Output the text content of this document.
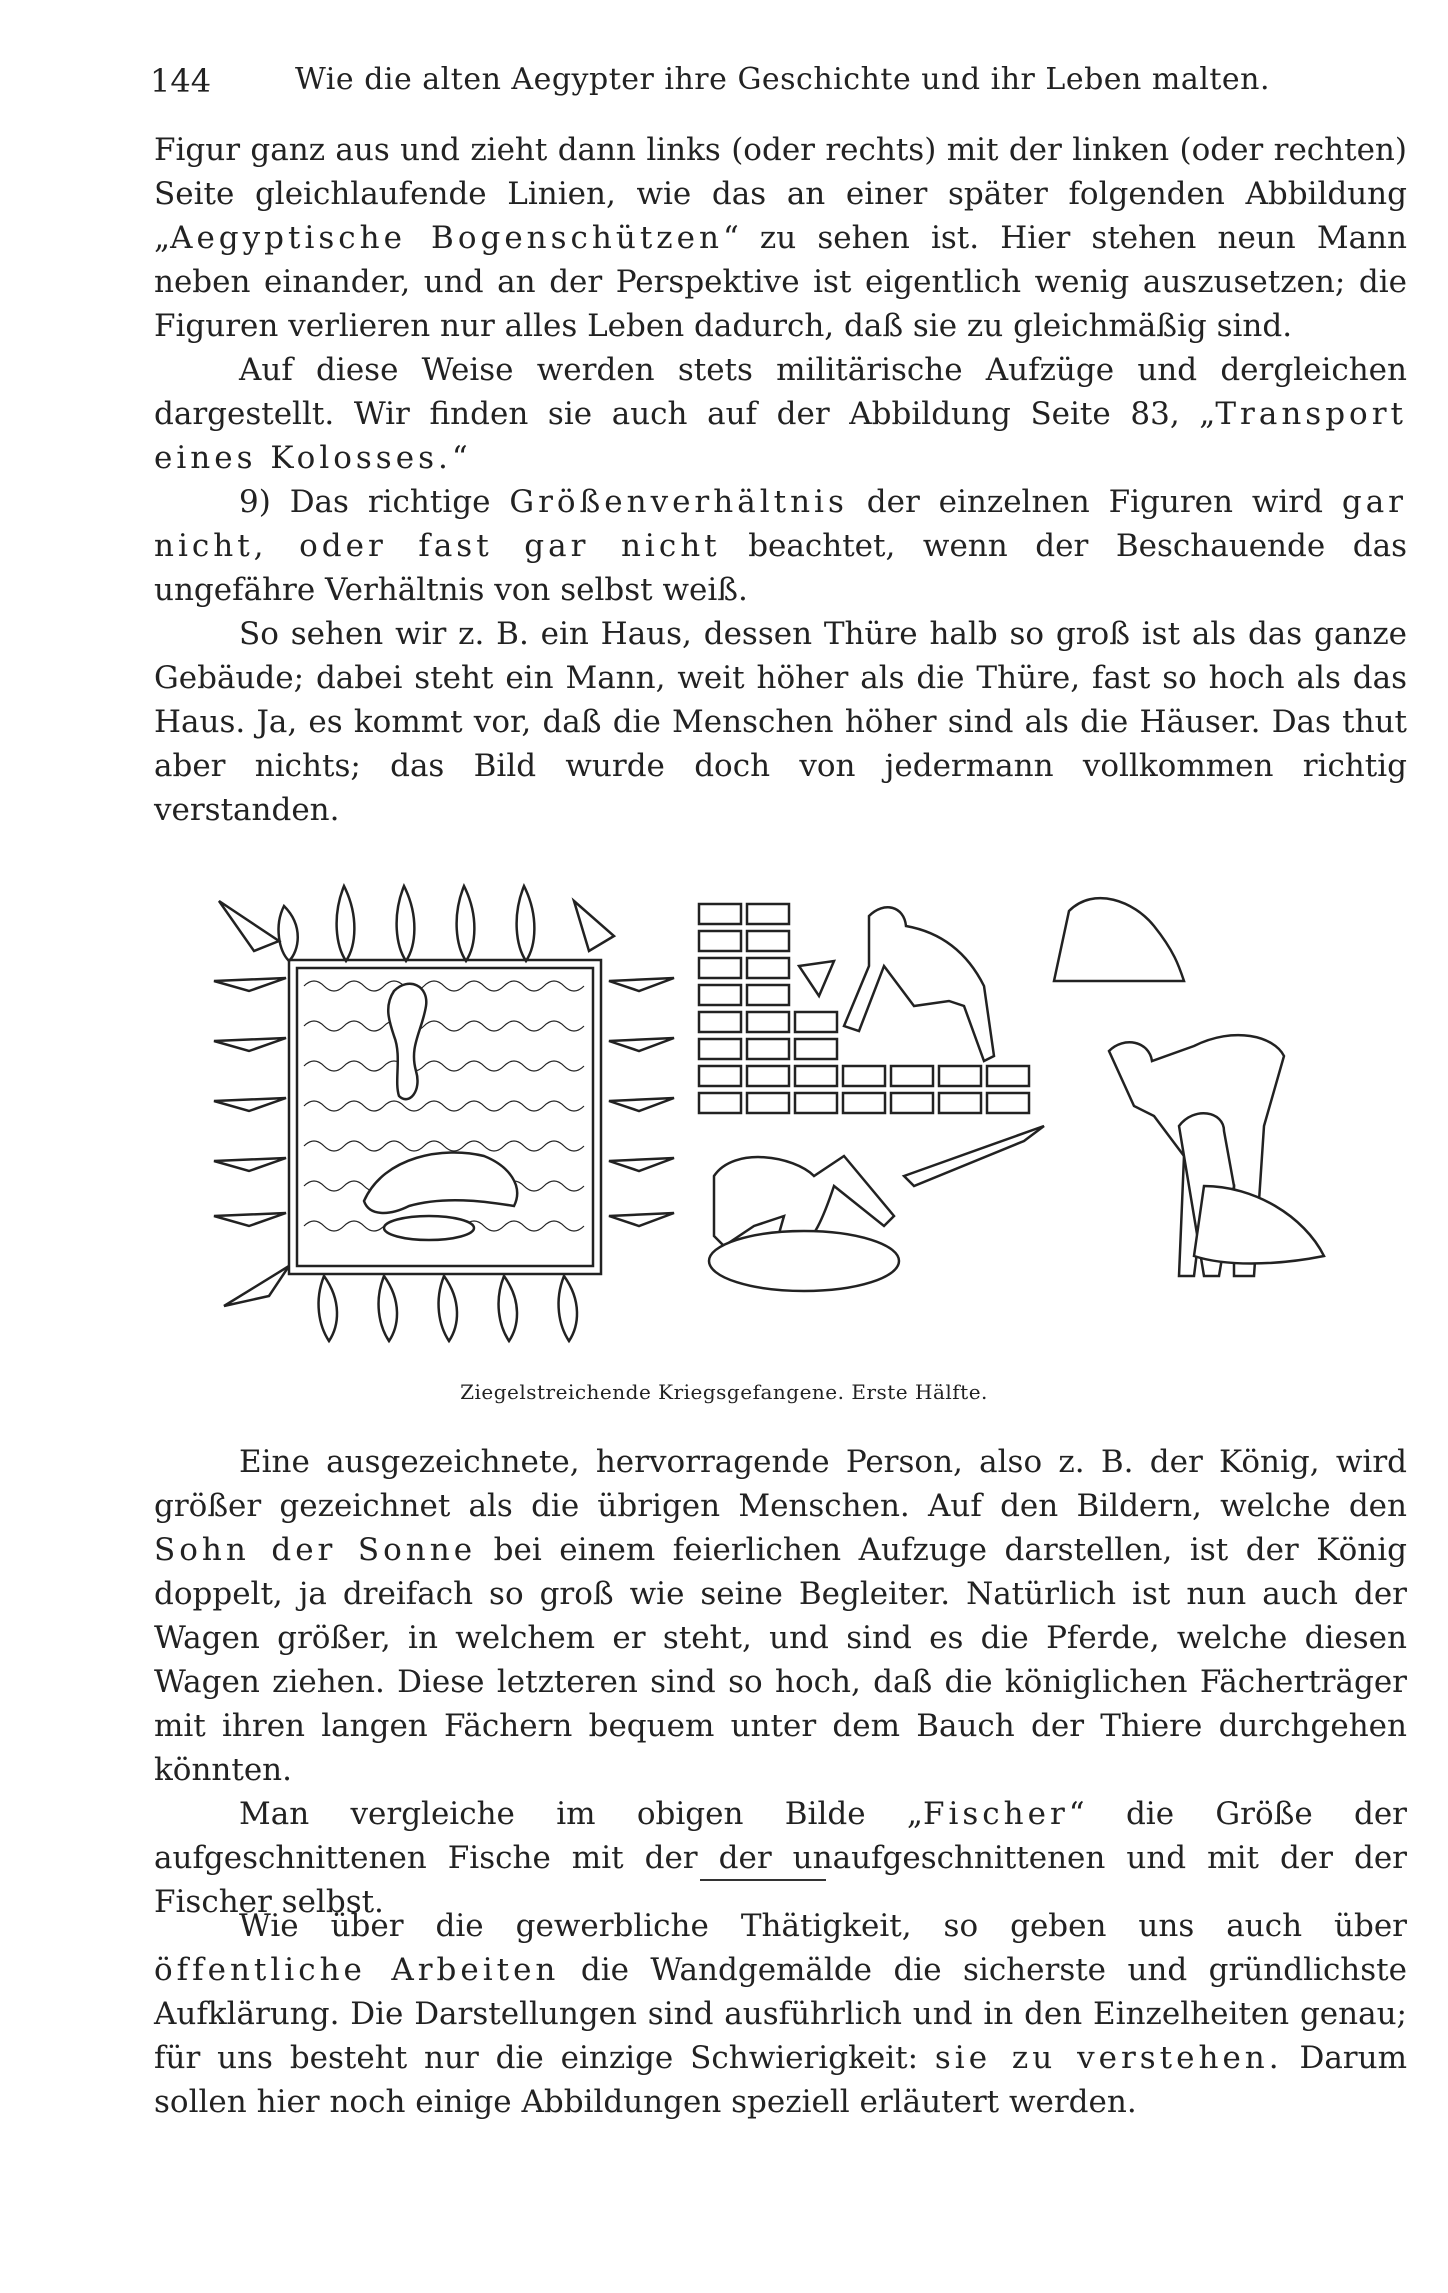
144	Wie die alten Aegypter ihre Geschichte und ihr Leben malten.

Figur ganz aus und zieht dann links (oder rechts) mit der linken (oder rechten) Seite gleichlaufende Linien, wie das an einer später folgenden Abbildung „Aegyptische Bogenschützen“ zu sehen ist. Hier stehen neun Mann neben einander, und an der Perspektive ist eigentlich wenig auszusetzen; die Figuren verlieren nur alles Leben dadurch, daß sie zu gleichmäßig sind.

Auf diese Weise werden stets militärische Aufzüge und dergleichen dargestellt. Wir finden sie auch auf der Abbildung Seite 83, „Transport eines Kolosses.“

9) Das richtige Größenverhältnis der einzelnen Figuren wird gar nicht, oder fast gar nicht beachtet, wenn der Beschauende das ungefähre Verhältnis von selbst weiß.

So sehen wir z. B. ein Haus, dessen Thüre halb so groß ist als das ganze Gebäude; dabei steht ein Mann, weit höher als die Thüre, fast so hoch als das Haus. Ja, es kommt vor, daß die Menschen höher sind als die Häuser. Das thut aber nichts; das Bild wurde doch von jedermann vollkommen richtig verstanden.

Ziegelstreichende Kriegsgefangene. Erste Hälfte.

Eine ausgezeichnete, hervorragende Person, also z. B. der König, wird größer gezeichnet als die übrigen Menschen. Auf den Bildern, welche den Sohn der Sonne bei einem feierlichen Aufzuge darstellen, ist der König doppelt, ja dreifach so groß wie seine Begleiter. Natürlich ist nun auch der Wagen größer, in welchem er steht, und sind es die Pferde, welche diesen Wagen ziehen. Diese letzteren sind so hoch, daß die königlichen Fächerträger mit ihren langen Fächern bequem unter dem Bauch der Thiere durchgehen könnten.

Man vergleiche im obigen Bilde „Fischer“ die Größe der aufgeschnittenen Fische mit der der unaufgeschnittenen und mit der der Fischer selbst.

Wie über die gewerbliche Thätigkeit, so geben uns auch über öffentliche Arbeiten die Wandgemälde die sicherste und gründlichste Aufklärung. Die Darstellungen sind ausführlich und in den Einzelheiten genau; für uns besteht nur die einzige Schwierigkeit: sie zu verstehen. Darum sollen hier noch einige Abbildungen speziell erläutert werden.
